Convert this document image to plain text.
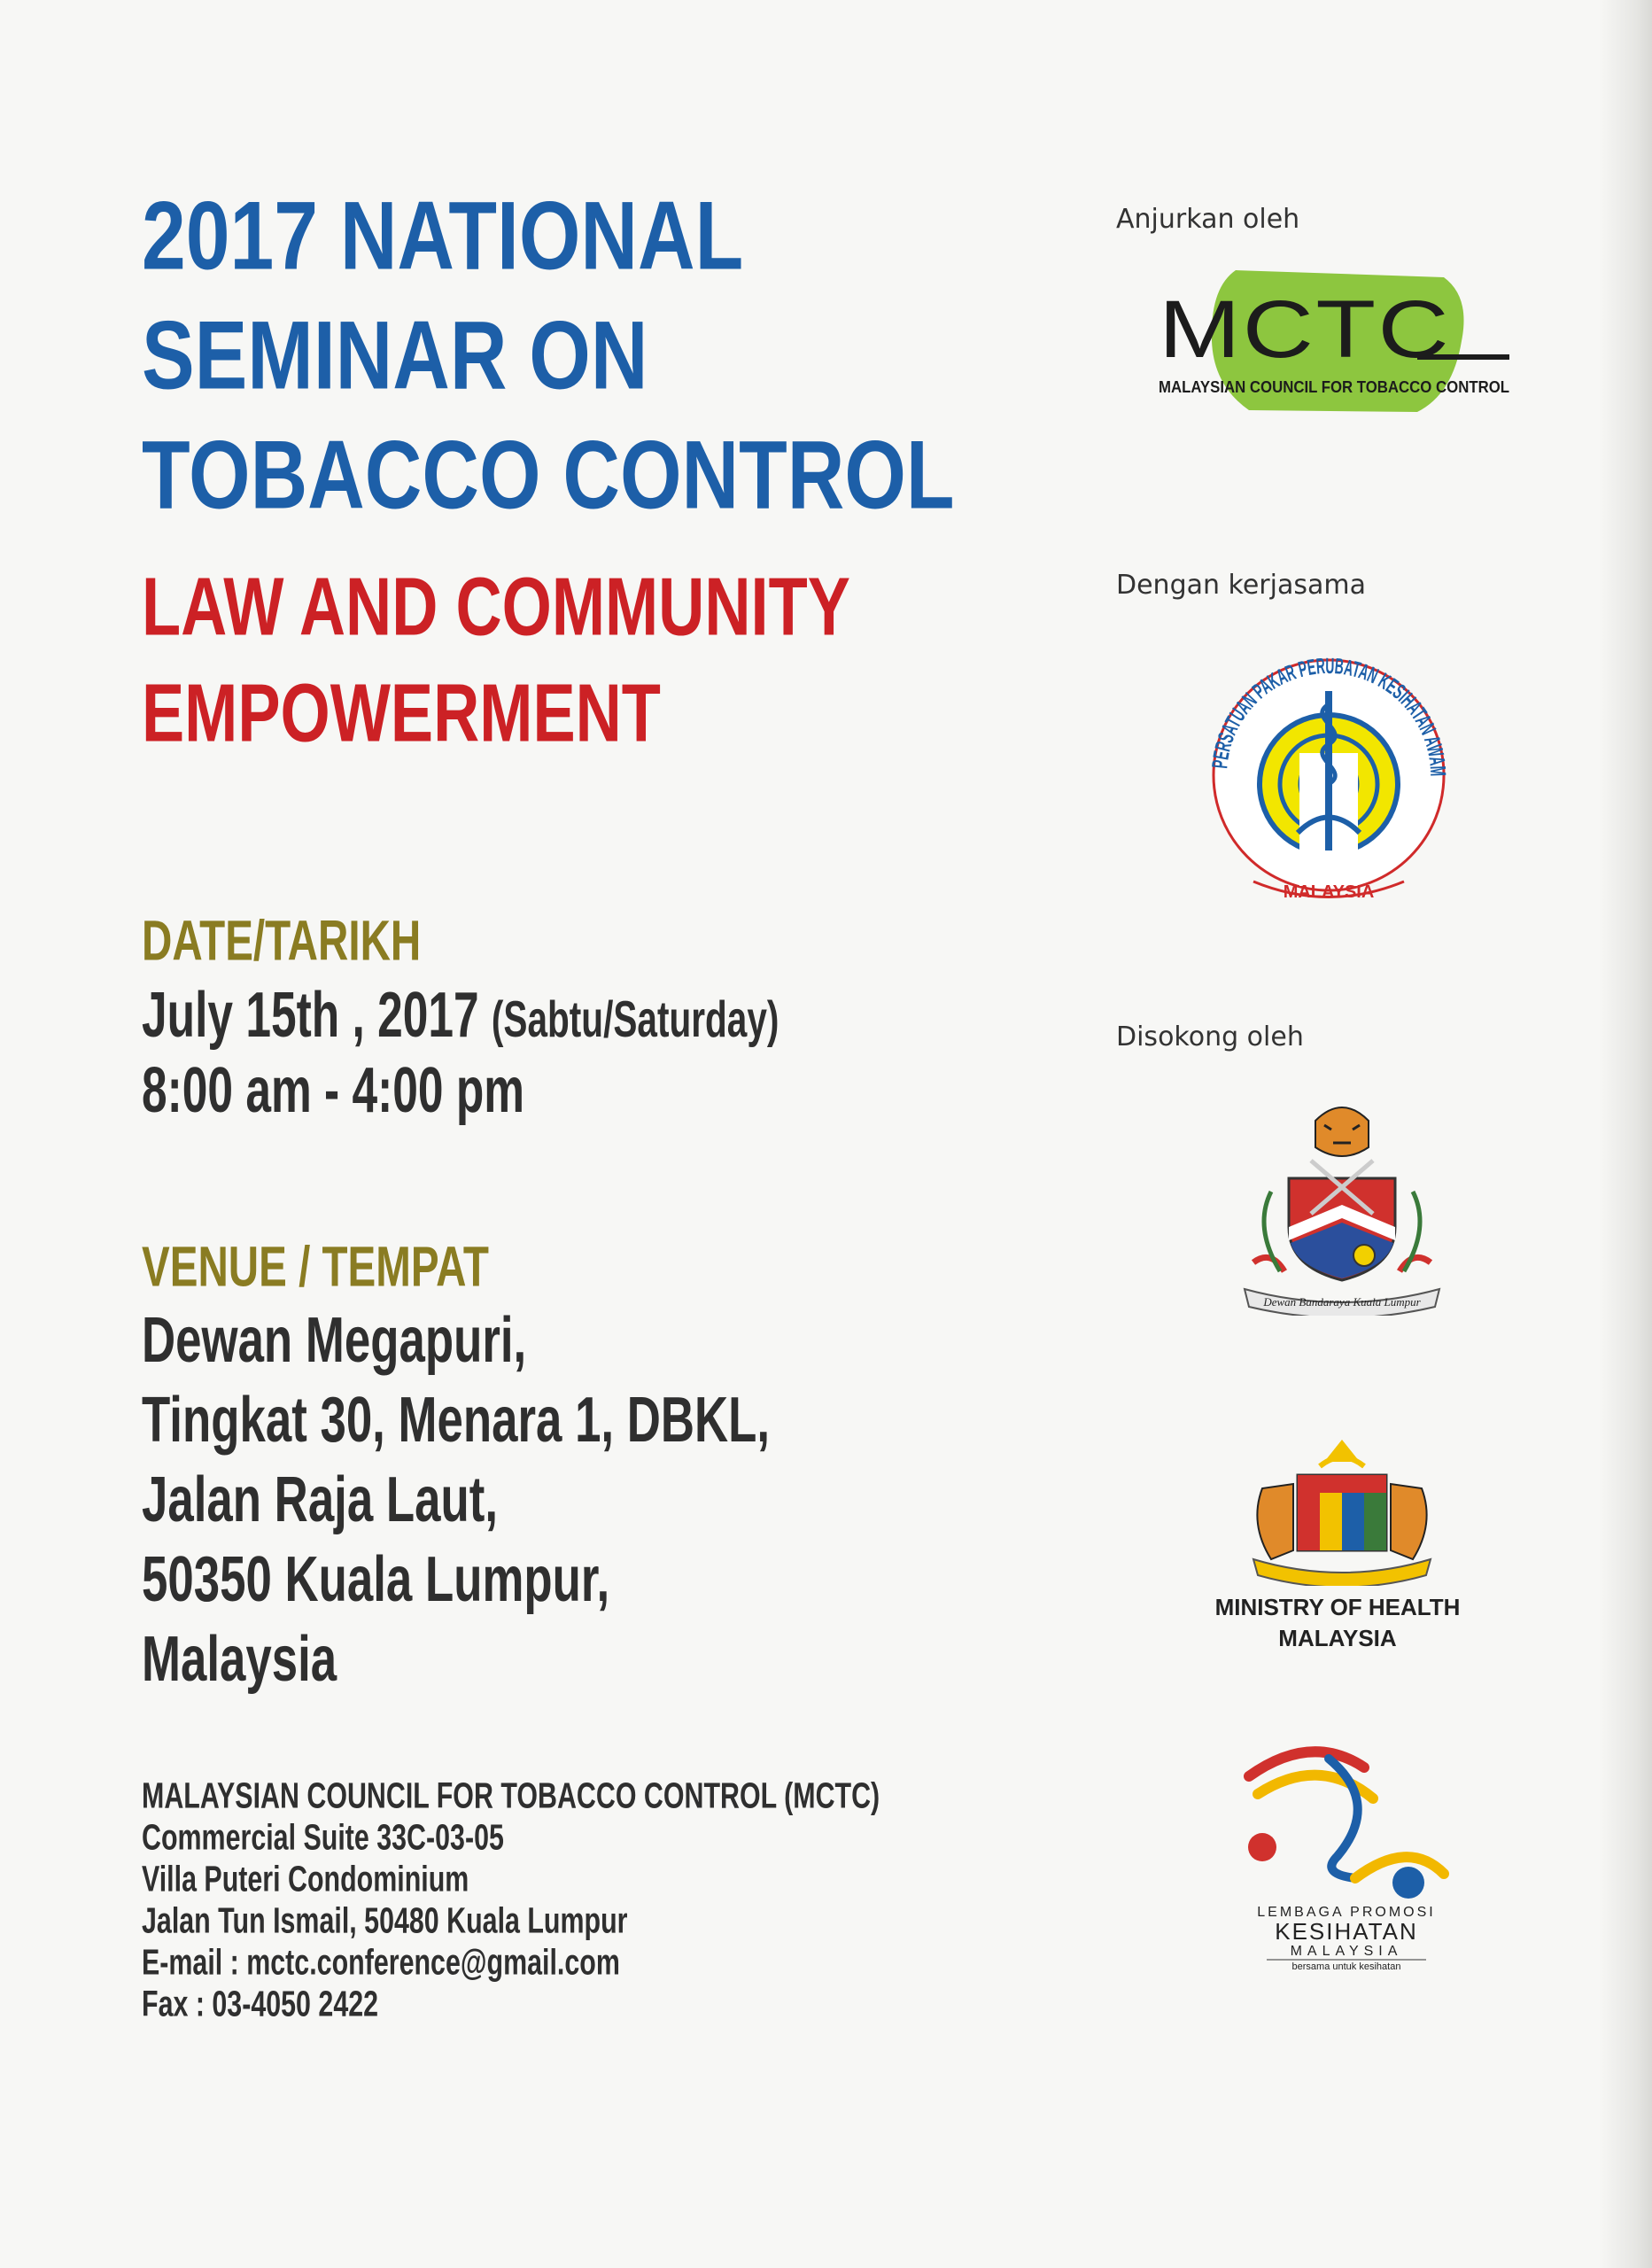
2017 NATIONAL
SEMINAR ON
TOBACCO CONTROL
LAW AND COMMUNITY
EMPOWERMENT
DATE/TARIKH
July 15th , 2017 (Sabtu/Saturday)
8:00 am - 4:00 pm
VENUE / TEMPAT
Dewan Megapuri,
Tingkat 30, Menara 1, DBKL,
Jalan Raja Laut,
50350 Kuala Lumpur,
Malaysia
MALAYSIAN COUNCIL FOR TOBACCO CONTROL (MCTC)
Commercial Suite 33C-03-05
Villa Puteri Condominium
Jalan Tun Ismail, 50480 Kuala Lumpur
E-mail : mctc.conference@gmail.com
Fax : 03-4050 2422
Anjurkan oleh
MCTC
MALAYSIAN COUNCIL FOR TOBACCO CONTROL
Dengan kerjasama
PERSATUAN PAKAR PERUBATAN KESIHATAN AWAM
MALAYSIA
Disokong oleh
Dewan Bandaraya Kuala Lumpur
MINISTRY OF HEALTH
MALAYSIA
LEMBAGA PROMOSI
KESIHATAN
MALAYSIA
bersama untuk kesihatan
